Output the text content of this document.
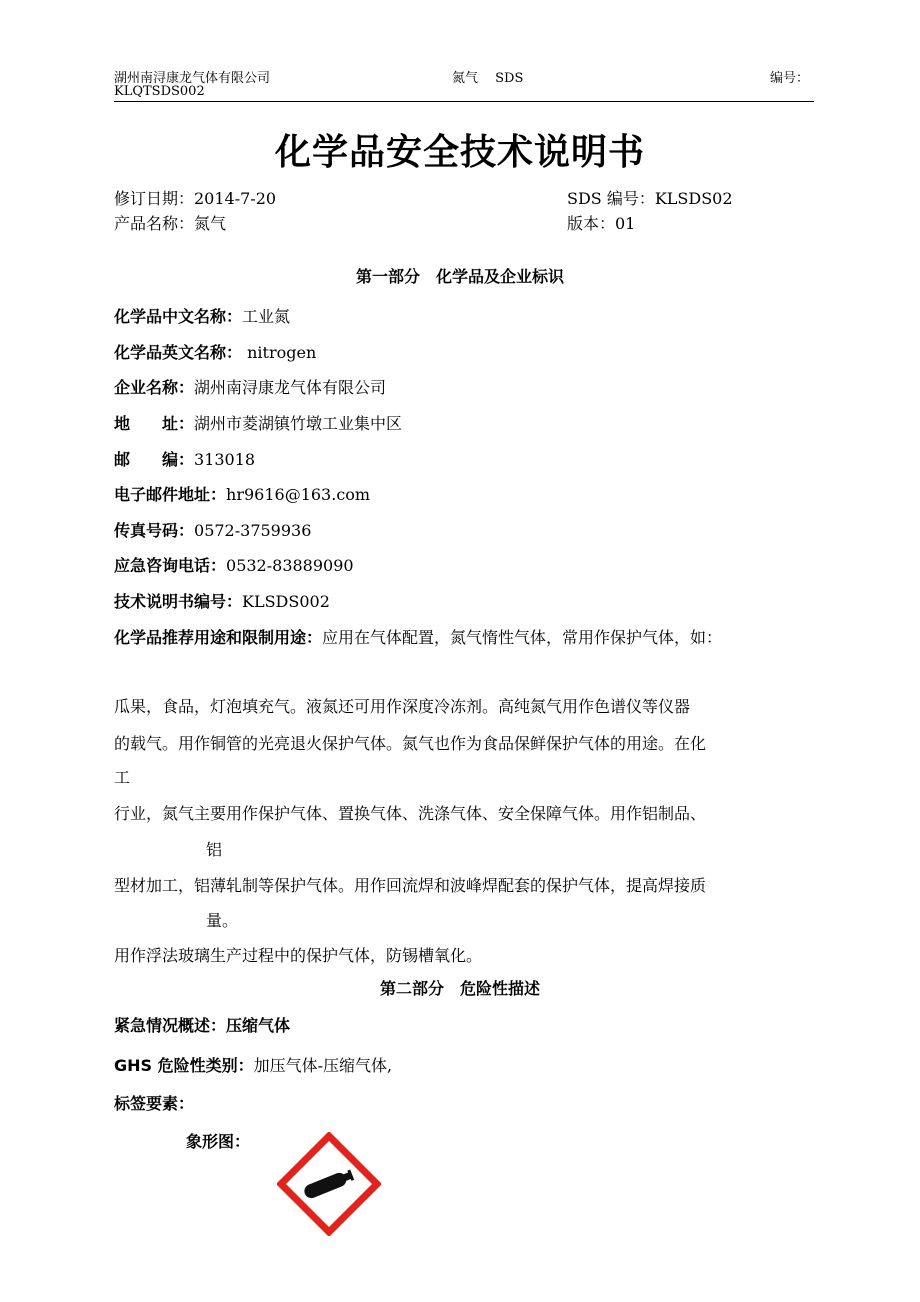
湖州南浔康龙气体有限公司	氮气　 SDS	编号：
KLQTSDS002
化学品安全技术说明书
修订日期：2014-7-20	SDS 编号：KLSDS02
产品名称：氮气	版本：01
第一部分　化学品及企业标识
化学品中文名称：工业氮
化学品英文名称： nitrogen
企业名称：湖州南浔康龙气体有限公司
地　　址：湖州市菱湖镇竹墩工业集中区
邮　　编：313018
电子邮件地址：hr9616@163.com
传真号码：0572-3759936
应急咨询电话：0532-83889090
技术说明书编号：KLSDS002
化学品推荐用途和限制用途：应用在气体配置，氮气惰性气体，常用作保护气体，如：
瓜果，食品，灯泡填充气。液氮还可用作深度冷冻剂。高纯氮气用作色谱仪等仪器
的载气。用作铜管的光亮退火保护气体。氮气也作为食品保鲜保护气体的用途。在化
工
行业，氮气主要用作保护气体、置换气体、洗涤气体、安全保障气体。用作铝制品、
铝
型材加工，铝薄轧制等保护气体。用作回流焊和波峰焊配套的保护气体，提高焊接质
量。
用作浮法玻璃生产过程中的保护气体，防锡槽氧化。
第二部分　危险性描述
紧急情况概述：压缩气体
GHS 危险性类别：加压气体-压缩气体,
标签要素：
象形图：
